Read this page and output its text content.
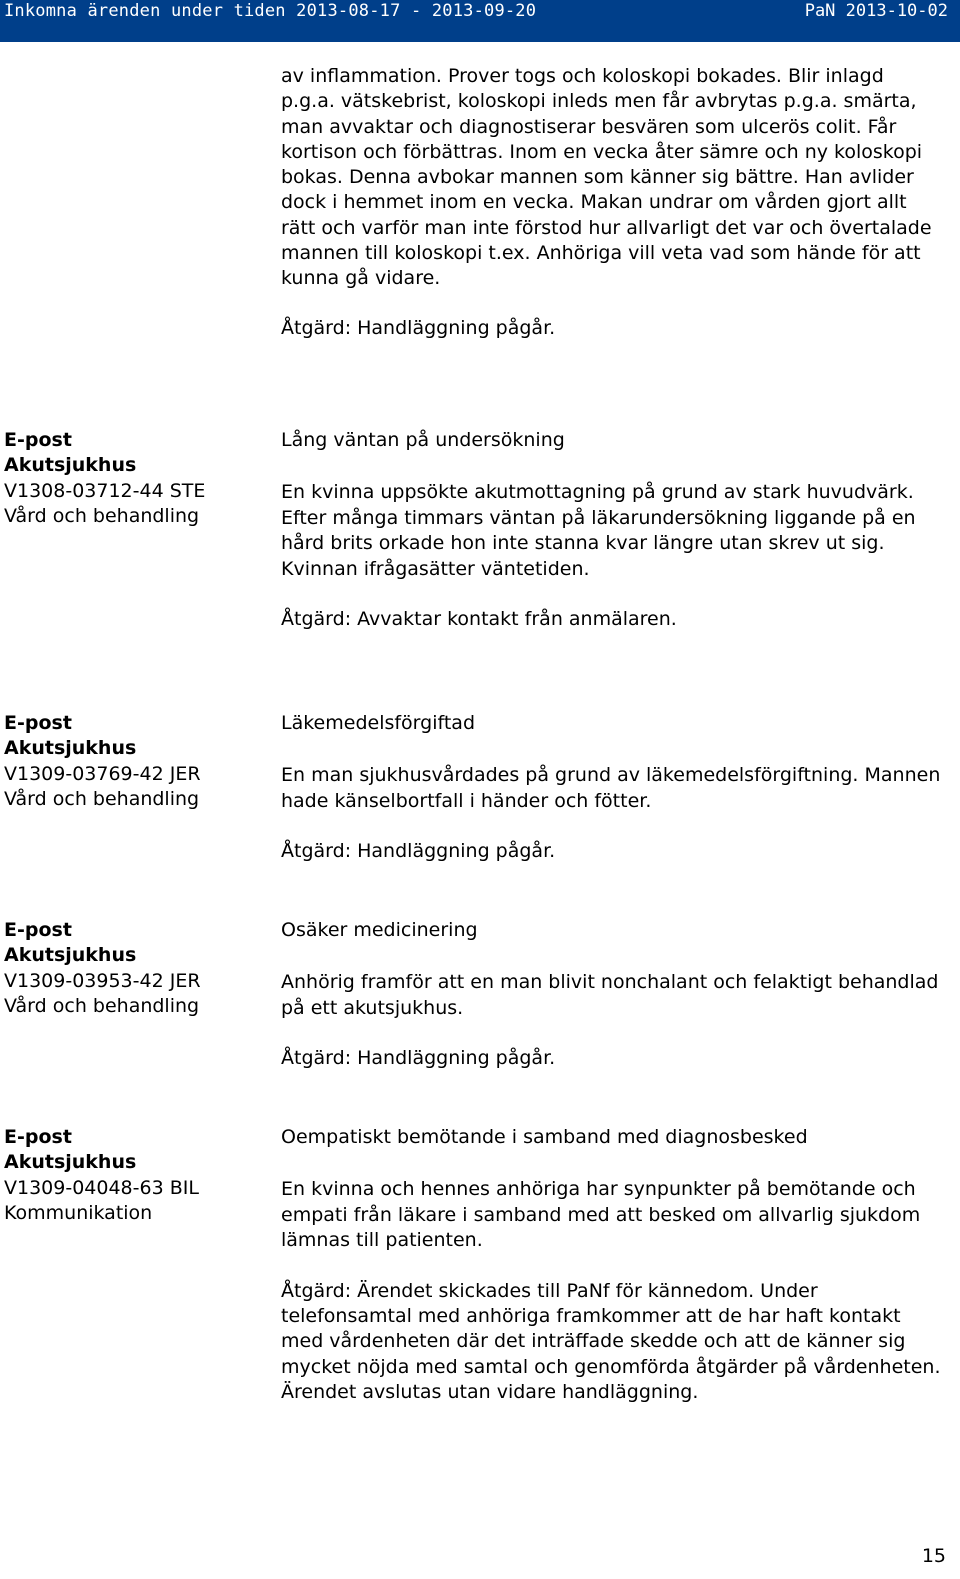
Inkomna ärenden under tiden 2013-08-17 - 2013-09-20	PaN 2013-10-02

av inflammation. Prover togs och koloskopi bokades. Blir inlagd p.g.a. vätskebrist, koloskopi inleds men får avbrytas p.g.a. smärta, man avvaktar och diagnostiserar besvären som ulcerös colit. Får kortison och förbättras. Inom en vecka åter sämre och ny koloskopi bokas. Denna avbokar mannen som känner sig bättre. Han avlider dock i hemmet inom en vecka. Makan undrar om vården gjort allt rätt och varför man inte förstod hur allvarligt det var och övertalade mannen till koloskopi t.ex. Anhöriga vill veta vad som hände för att kunna gå vidare.

Åtgärd: Handläggning pågår.

E-post
Akutsjukhus
V1308-03712-44 STE
Vård och behandling

Lång väntan på undersökning

En kvinna uppsökte akutmottagning på grund av stark huvudvärk. Efter många timmars väntan på läkarundersökning liggande på en hård brits orkade hon inte stanna kvar längre utan skrev ut sig. Kvinnan ifrågasätter väntetiden.

Åtgärd: Avvaktar kontakt från anmälaren.

E-post
Akutsjukhus
V1309-03769-42 JER
Vård och behandling

Läkemedelsförgiftad

En man sjukhusvårdades på grund av läkemedelsförgiftning. Mannen hade känselbortfall i händer och fötter.

Åtgärd: Handläggning pågår.

E-post
Akutsjukhus
V1309-03953-42 JER
Vård och behandling

Osäker medicinering

Anhörig framför att en man blivit nonchalant och felaktigt behandlad på ett akutsjukhus.

Åtgärd: Handläggning pågår.

E-post
Akutsjukhus
V1309-04048-63 BIL
Kommunikation

Oempatiskt bemötande i samband med diagnosbesked

En kvinna och hennes anhöriga har synpunkter på bemötande och empati från läkare i samband med att besked om allvarlig sjukdom lämnas till patienten.

Åtgärd: Ärendet skickades till PaNf för kännedom. Under telefonsamtal med anhöriga framkommer att de har haft kontakt med vårdenheten där det inträffade skedde och att de känner sig mycket nöjda med samtal och genomförda åtgärder på vårdenheten. Ärendet avslutas utan vidare handläggning.

15
